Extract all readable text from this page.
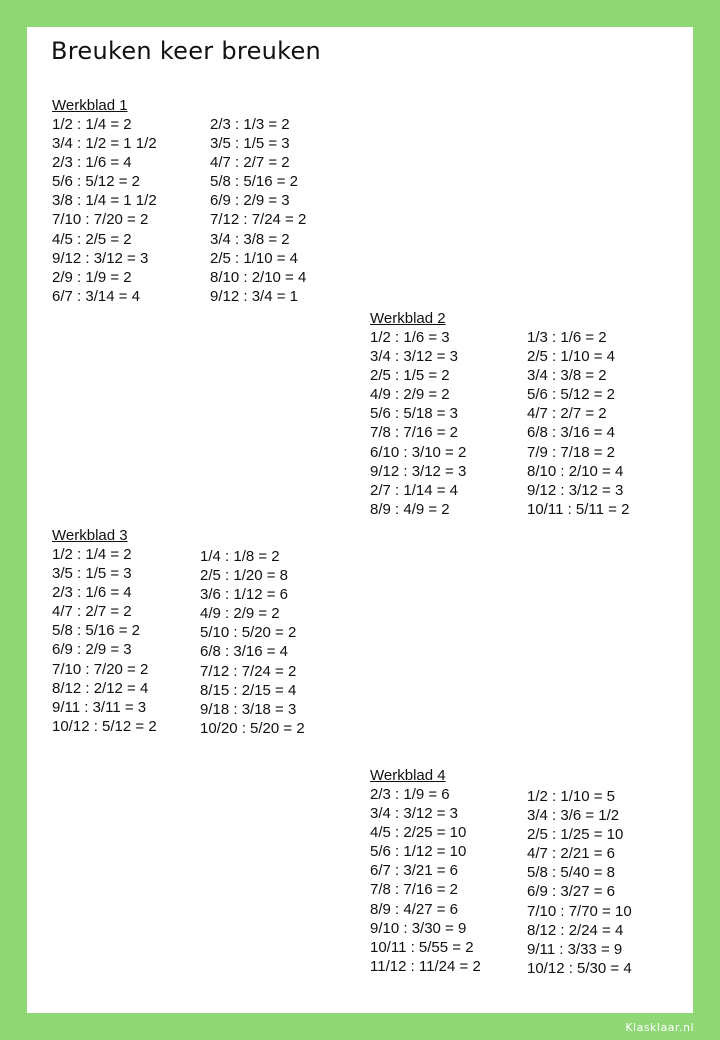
Breuken keer breuken
Werkblad 1
1/2 : 1/4 = 2
3/4 : 1/2 = 1 1/2
2/3 : 1/6 = 4
5/6 : 5/12 = 2
3/8 : 1/4 = 1 1/2
7/10 : 7/20 = 2
4/5 : 2/5 = 2
9/12 : 3/12 = 3
2/9 : 1/9 = 2
6/7 : 3/14 = 4
2/3 : 1/3 = 2
3/5 : 1/5 = 3
4/7 : 2/7 = 2
5/8 : 5/16 = 2
6/9 : 2/9 = 3
7/12 : 7/24 = 2
3/4 : 3/8 = 2
2/5 : 1/10 = 4
8/10 : 2/10 = 4
9/12 : 3/4 = 1
Werkblad 2
1/2 : 1/6 = 3
3/4 : 3/12 = 3
2/5 : 1/5 = 2
4/9 : 2/9 = 2
5/6 : 5/18 = 3
7/8 : 7/16 = 2
6/10 : 3/10 = 2
9/12 : 3/12 = 3
2/7 : 1/14 = 4
8/9 : 4/9 = 2
1/3 : 1/6 = 2
2/5 : 1/10 = 4
3/4 : 3/8 = 2
5/6 : 5/12 = 2
4/7 : 2/7 = 2
6/8 : 3/16 = 4
7/9 : 7/18 = 2
8/10 : 2/10 = 4
9/12 : 3/12 = 3
10/11 : 5/11 = 2
Werkblad 3
1/2 : 1/4 = 2
3/5 : 1/5 = 3
2/3 : 1/6 = 4
4/7 : 2/7 = 2
5/8 : 5/16 = 2
6/9 : 2/9 = 3
7/10 : 7/20 = 2
8/12 : 2/12 = 4
9/11 : 3/11 = 3
10/12 : 5/12 = 2
1/4 : 1/8 = 2
2/5 : 1/20 = 8
3/6 : 1/12 = 6
4/9 : 2/9 = 2
5/10 : 5/20 = 2
6/8 : 3/16 = 4
7/12 : 7/24 = 2
8/15 : 2/15 = 4
9/18 : 3/18 = 3
10/20 : 5/20 = 2
Werkblad 4
2/3 : 1/9 = 6
3/4 : 3/12 = 3
4/5 : 2/25 = 10
5/6 : 1/12 = 10
6/7 : 3/21 = 6
7/8 : 7/16 = 2
8/9 : 4/27 = 6
9/10 : 3/30 = 9
10/11 : 5/55 = 2
11/12 : 11/24 = 2
1/2 : 1/10 = 5
3/4 : 3/6 = 1/2
2/5 : 1/25 = 10
4/7 : 2/21 = 6
5/8 : 5/40 = 8
6/9 : 3/27 = 6
7/10 : 7/70 = 10
8/12 : 2/24 = 4
9/11 : 3/33 = 9
10/12 : 5/30 = 4
Klasklaar.nl
